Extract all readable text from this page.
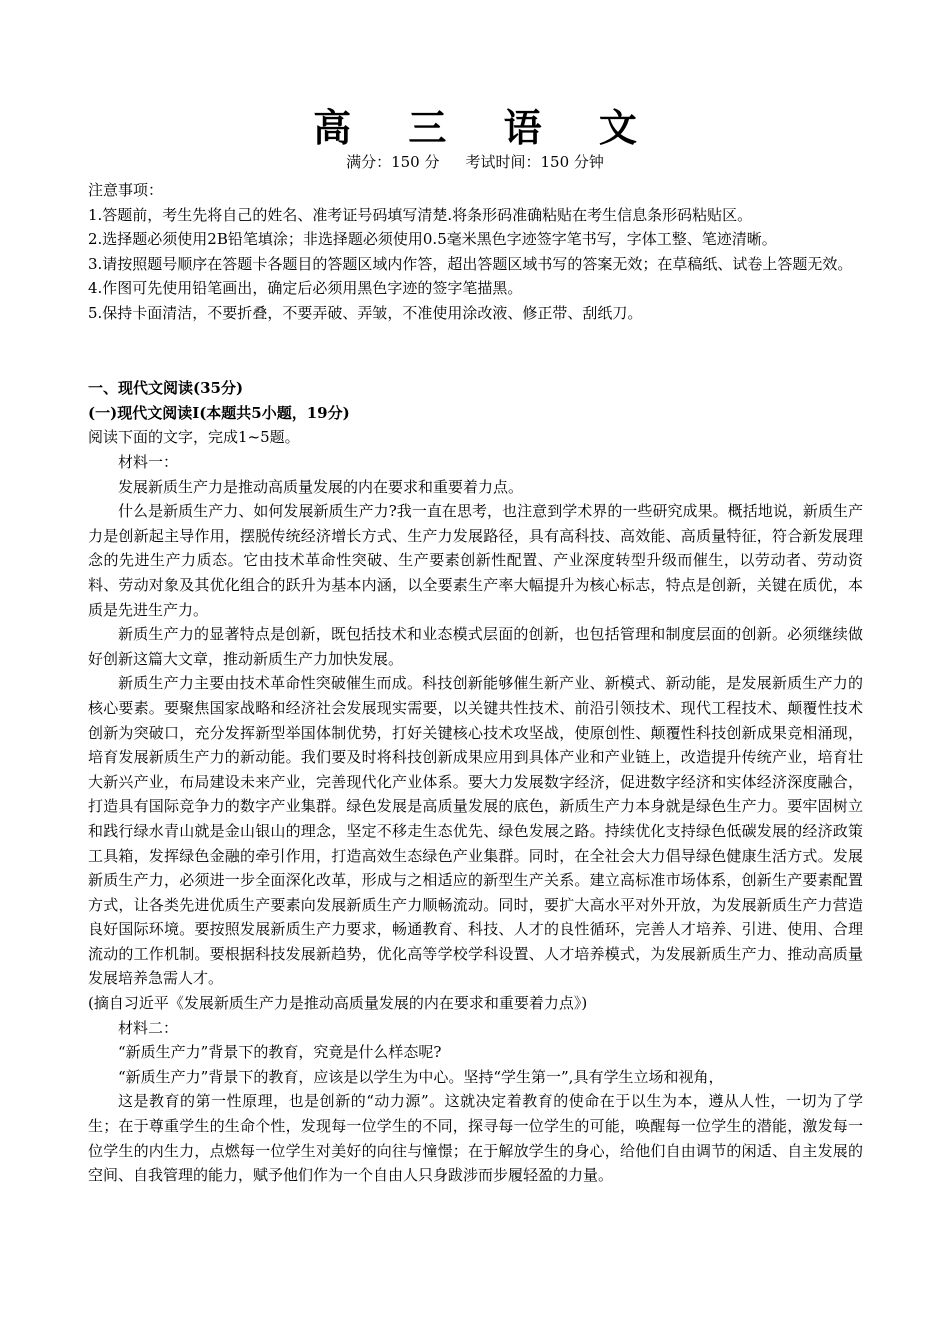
高 三 语 文
满分：150 分 考试时间：150 分钟

注意事项：

1.答题前，考生先将自己的姓名、准考证号码填写清楚.将条形码准确粘贴在考生信息条形码粘贴区。

2.选择题必须使用2B铅笔填涂；非选择题必须使用0.5毫米黑色字迹签字笔书写，字体工整、笔迹清晰。

3.请按照题号顺序在答题卡各题目的答题区域内作答，超出答题区域书写的答案无效；在草稿纸、试卷上答题无效。

4.作图可先使用铅笔画出，确定后必须用黑色字迹的签字笔描黑。

5.保持卡面清洁，不要折叠，不要弄破、弄皱，不准使用涂改液、修正带、刮纸刀。

一、现代文阅读(35分)

(一)现代文阅读Ⅰ(本题共5小题，19分)

阅读下面的文字，完成1~5题。

材料一：

发展新质生产力是推动高质量发展的内在要求和重要着力点。

什么是新质生产力、如何发展新质生产力?我一直在思考，也注意到学术界的一些研究成果。概括地说，新质生产力是创新起主导作用，摆脱传统经济增长方式、生产力发展路径，具有高科技、高效能、高质量特征，符合新发展理念的先进生产力质态。它由技术革命性突破、生产要素创新性配置、产业深度转型升级而催生，以劳动者、劳动资料、劳动对象及其优化组合的跃升为基本内涵，以全要素生产率大幅提升为核心标志，特点是创新，关键在质优，本质是先进生产力。

新质生产力的显著特点是创新，既包括技术和业态模式层面的创新，也包括管理和制度层面的创新。必须继续做好创新这篇大文章，推动新质生产力加快发展。

新质生产力主要由技术革命性突破催生而成。科技创新能够催生新产业、新模式、新动能，是发展新质生产力的核心要素。要聚焦国家战略和经济社会发展现实需要，以关键共性技术、前沿引领技术、现代工程技术、颠覆性技术创新为突破口，充分发挥新型举国体制优势，打好关键核心技术攻坚战，使原创性、颠覆性科技创新成果竞相涌现，培育发展新质生产力的新动能。我们要及时将科技创新成果应用到具体产业和产业链上，改造提升传统产业，培育壮大新兴产业，布局建设未来产业，完善现代化产业体系。要大力发展数字经济，促进数字经济和实体经济深度融合，打造具有国际竞争力的数字产业集群。绿色发展是高质量发展的底色，新质生产力本身就是绿色生产力。要牢固树立和践行绿水青山就是金山银山的理念，坚定不移走生态优先、绿色发展之路。持续优化支持绿色低碳发展的经济政策工具箱，发挥绿色金融的牵引作用，打造高效生态绿色产业集群。同时，在全社会大力倡导绿色健康生活方式。发展新质生产力，必须进一步全面深化改革，形成与之相适应的新型生产关系。建立高标准市场体系，创新生产要素配置方式，让各类先进优质生产要素向发展新质生产力顺畅流动。同时，要扩大高水平对外开放，为发展新质生产力营造良好国际环境。要按照发展新质生产力要求，畅通教育、科技、人才的良性循环，完善人才培养、引进、使用、合理流动的工作机制。要根据科技发展新趋势，优化高等学校学科设置、人才培养模式，为发展新质生产力、推动高质量发展培养急需人才。

(摘自习近平《发展新质生产力是推动高质量发展的内在要求和重要着力点》)

材料二：

“新质生产力”背景下的教育，究竟是什么样态呢?

“新质生产力”背景下的教育，应该是以学生为中心。坚持“学生第一”,具有学生立场和视角，

这是教育的第一性原理，也是创新的“动力源”。这就决定着教育的使命在于以生为本，遵从人性，一切为了学生；在于尊重学生的生命个性，发现每一位学生的不同，探寻每一位学生的可能，唤醒每一位学生的潜能，激发每一位学生的内生力，点燃每一位学生对美好的向往与憧憬；在于解放学生的身心，给他们自由调节的闲适、自主发展的空间、自我管理的能力，赋予他们作为一个自由人只身跋涉而步履轻盈的力量。
